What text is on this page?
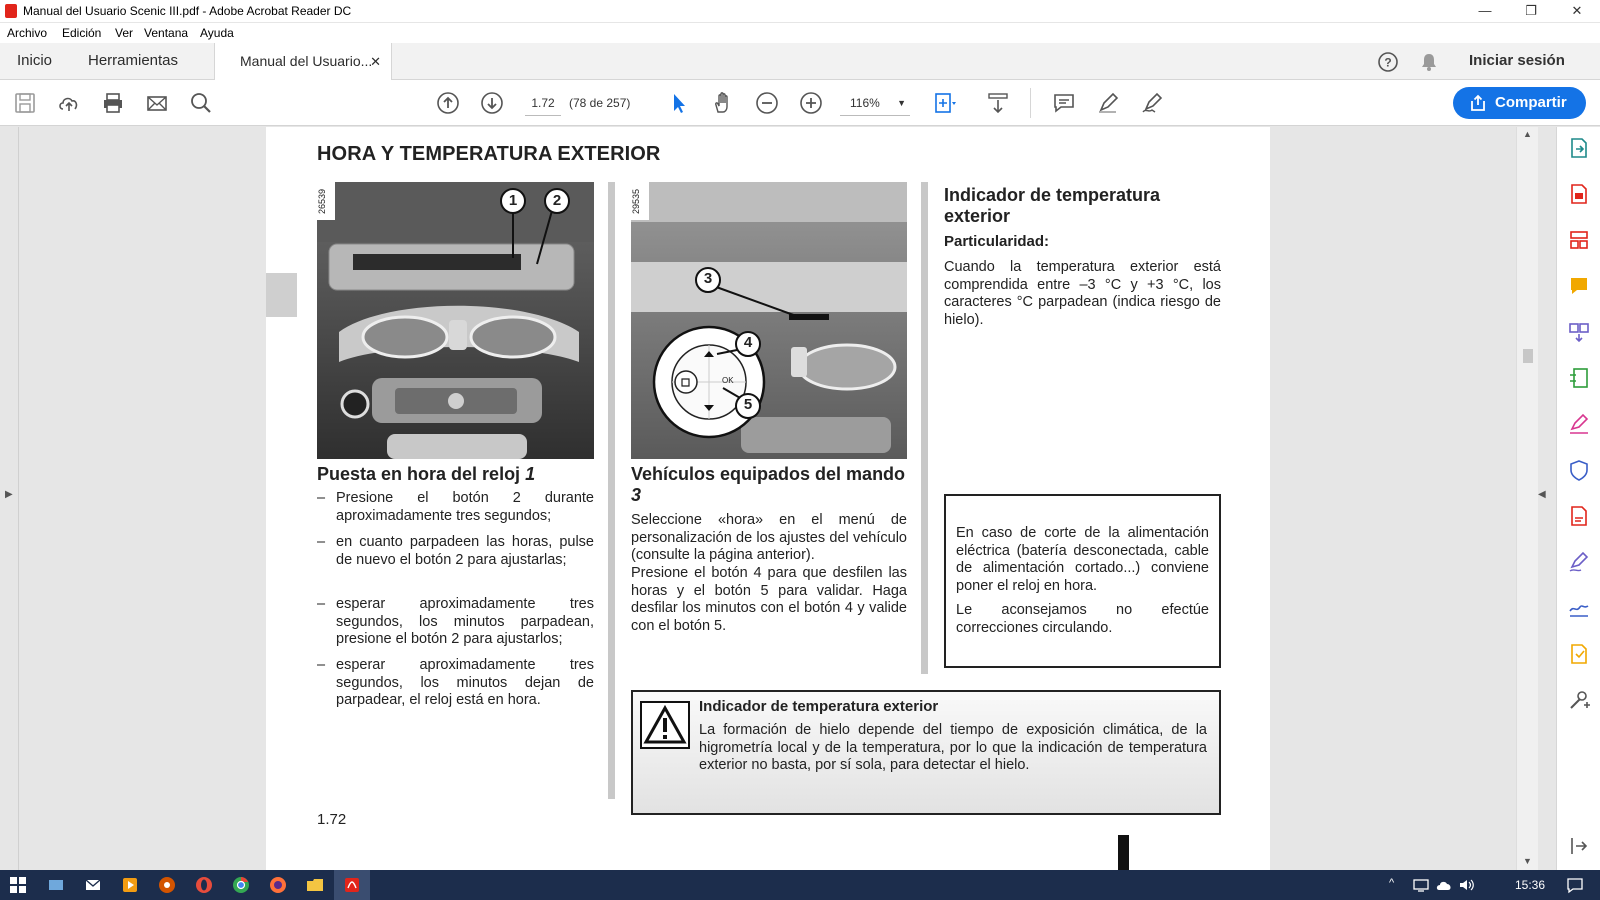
Manual del Usuario Scenic III.pdf - Adobe Acrobat Reader DC	—	❐	✕
Archivo Edición Ver Ventana Ayuda
Inicio Herramientas	Manual del Usuario...
✕	?	Iniciar sesión
1.72	(78 de 257)	116% ▼	Compartir
▶
HORA Y TEMPERATURA EXTERIOR
1 2
26539
3
4
5
OK
29535
Puesta en hora del reloj 1
– Presione el botón 2 durante aproximadamente tres segundos;
– en cuanto parpadeen las horas, pulse de nuevo el botón 2 para ajustarlas;
– esperar aproximadamente tres segundos, los minutos parpadean, presione el botón 2 para ajustarlos;
– esperar aproximadamente tres segundos, los minutos dejan de parpadear, el reloj está en hora.
Vehículos equipados del mando 3
Seleccione «hora» en el menú de personalización de los ajustes del vehículo (consulte la página anterior).
Presione el botón 4 para que desfilen las horas y el botón 5 para validar. Haga desfilar los minutos con el botón 4 y valide con el botón 5.
Indicador de temperatura exterior
Particularidad:
Cuando la temperatura exterior está comprendida entre –3 °C y +3 °C, los caracteres °C parpadean (indica riesgo de hielo).
En caso de corte de la alimentación eléctrica (batería desconectada, cable de alimentación cortado...) conviene poner el reloj en hora.
Le aconsejamos no efectúe correcciones circulando.
Indicador de temperatura exterior
La formación de hielo depende del tiempo de exposición climática, de la higrometría local y de la temperatura, por lo que la indicación de temperatura exterior no basta, por sí sola, para detectar el hielo.
1.72
▲
▼
◀
^	15:36
